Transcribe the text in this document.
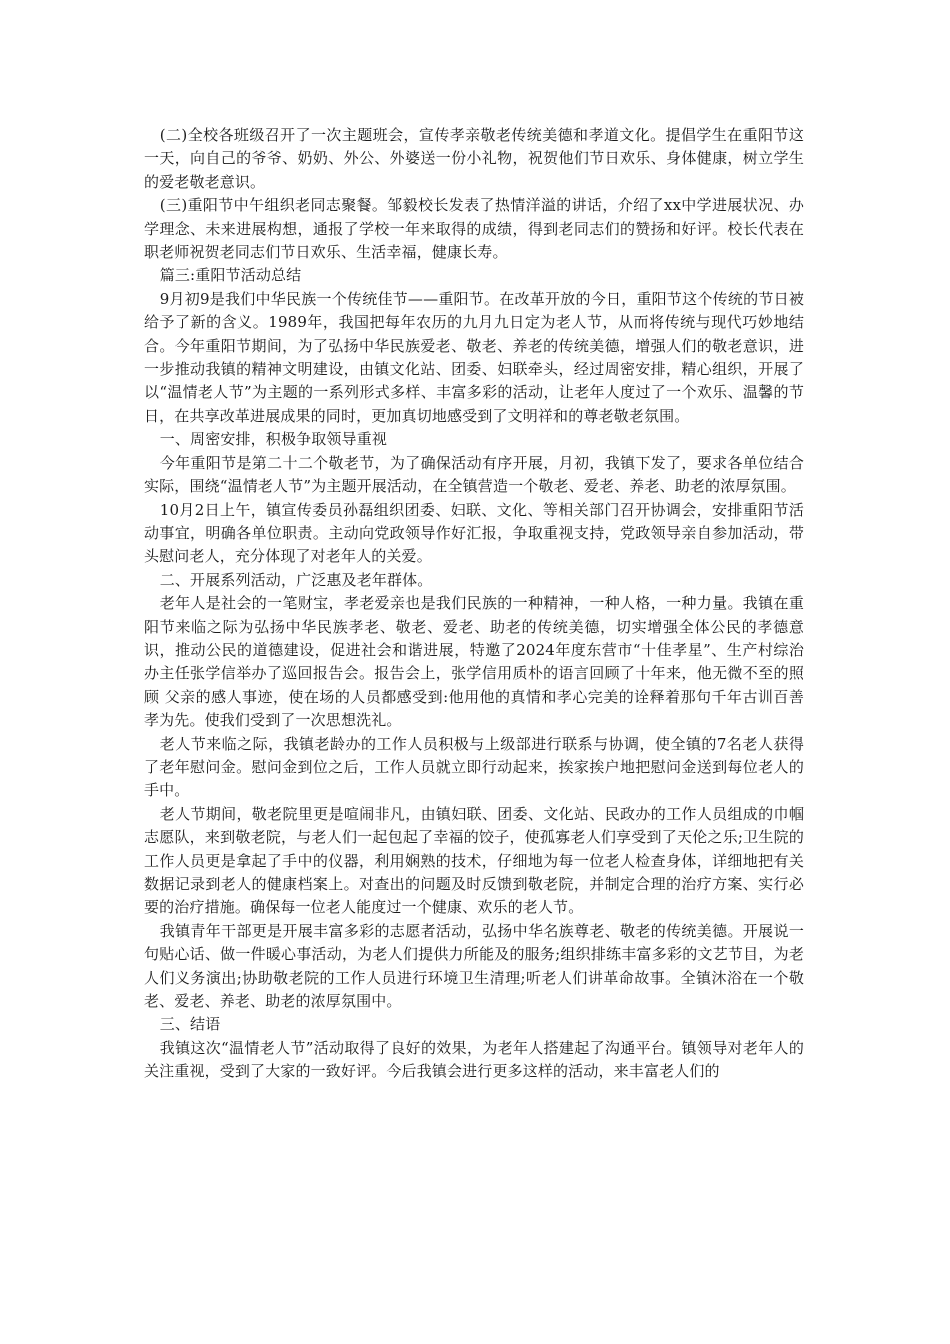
(二)全校各班级召开了一次主题班会，宣传孝亲敬老传统美德和孝道文化。提倡学生在重阳节这一天，向自己的爷爷、奶奶、外公、外婆送一份小礼物，祝贺他们节日欢乐、身体健康，树立学生的爱老敬老意识。

(三)重阳节中午组织老同志聚餐。邹毅校长发表了热情洋溢的讲话，介绍了xx中学进展状况、办学理念、未来进展构想，通报了学校一年来取得的成绩，得到老同志们的赞扬和好评。校长代表在职老师祝贺老同志们节日欢乐、生活幸福，健康长寿。

篇三:重阳节活动总结

9月初9是我们中华民族一个传统佳节——重阳节。在改革开放的今日，重阳节这个传统的节日被给予了新的含义。1989年，我国把每年农历的九月九日定为老人节，从而将传统与现代巧妙地结合。今年重阳节期间，为了弘扬中华民族爱老、敬老、养老的传统美德，增强人们的敬老意识，进一步推动我镇的精神文明建设，由镇文化站、团委、妇联牵头，经过周密安排，精心组织，开展了以“温情老人节”为主题的一系列形式多样、丰富多彩的活动，让老年人度过了一个欢乐、温馨的节日，在共享改革进展成果的同时，更加真切地感受到了文明祥和的尊老敬老氛围。

一、周密安排，积极争取领导重视

今年重阳节是第二十二个敬老节，为了确保活动有序开展，月初，我镇下发了，要求各单位结合实际，围绕“温情老人节”为主题开展活动，在全镇营造一个敬老、爱老、养老、助老的浓厚氛围。

10月2日上午，镇宣传委员孙磊组织团委、妇联、文化、等相关部门召开协调会，安排重阳节活动事宜，明确各单位职责。主动向党政领导作好汇报，争取重视支持，党政领导亲自参加活动，带头慰问老人，充分体现了对老年人的关爱。

二、开展系列活动，广泛惠及老年群体。

老年人是社会的一笔财宝，孝老爱亲也是我们民族的一种精神，一种人格，一种力量。我镇在重阳节来临之际为弘扬中华民族孝老、敬老、爱老、助老的传统美德，切实增强全体公民的孝德意识，推动公民的道德建设，促进社会和谐进展，特邀了2024年度东营市“十佳孝星”、生产村综治办主任张学信举办了巡回报告会。报告会上，张学信用质朴的语言回顾了十年来，他无微不至的照顾 父亲的感人事迹，使在场的人员都感受到:他用他的真情和孝心完美的诠释着那句千年古训百善孝为先。使我们受到了一次思想洗礼。

老人节来临之际，我镇老龄办的工作人员积极与上级部进行联系与协调，使全镇的7名老人获得了老年慰问金。慰问金到位之后，工作人员就立即行动起来，挨家挨户地把慰问金送到每位老人的手中。

老人节期间，敬老院里更是喧闹非凡，由镇妇联、团委、文化站、民政办的工作人员组成的巾帼志愿队，来到敬老院，与老人们一起包起了幸福的饺子，使孤寡老人们享受到了天伦之乐;卫生院的工作人员更是拿起了手中的仪器，利用娴熟的技术，仔细地为每一位老人检查身体，详细地把有关数据记录到老人的健康档案上。对查出的问题及时反馈到敬老院，并制定合理的治疗方案、实行必要的治疗措施。确保每一位老人能度过一个健康、欢乐的老人节。

我镇青年干部更是开展丰富多彩的志愿者活动，弘扬中华名族尊老、敬老的传统美德。开展说一句贴心话、做一件暖心事活动，为老人们提供力所能及的服务;组织排练丰富多彩的文艺节目，为老人们义务演出;协助敬老院的工作人员进行环境卫生清理;听老人们讲革命故事。全镇沐浴在一个敬老、爱老、养老、助老的浓厚氛围中。

三、结语

我镇这次“温情老人节”活动取得了良好的效果，为老年人搭建起了沟通平台。镇领导对老年人的关注重视，受到了大家的一致好评。今后我镇会进行更多这样的活动，来丰富老人们的
